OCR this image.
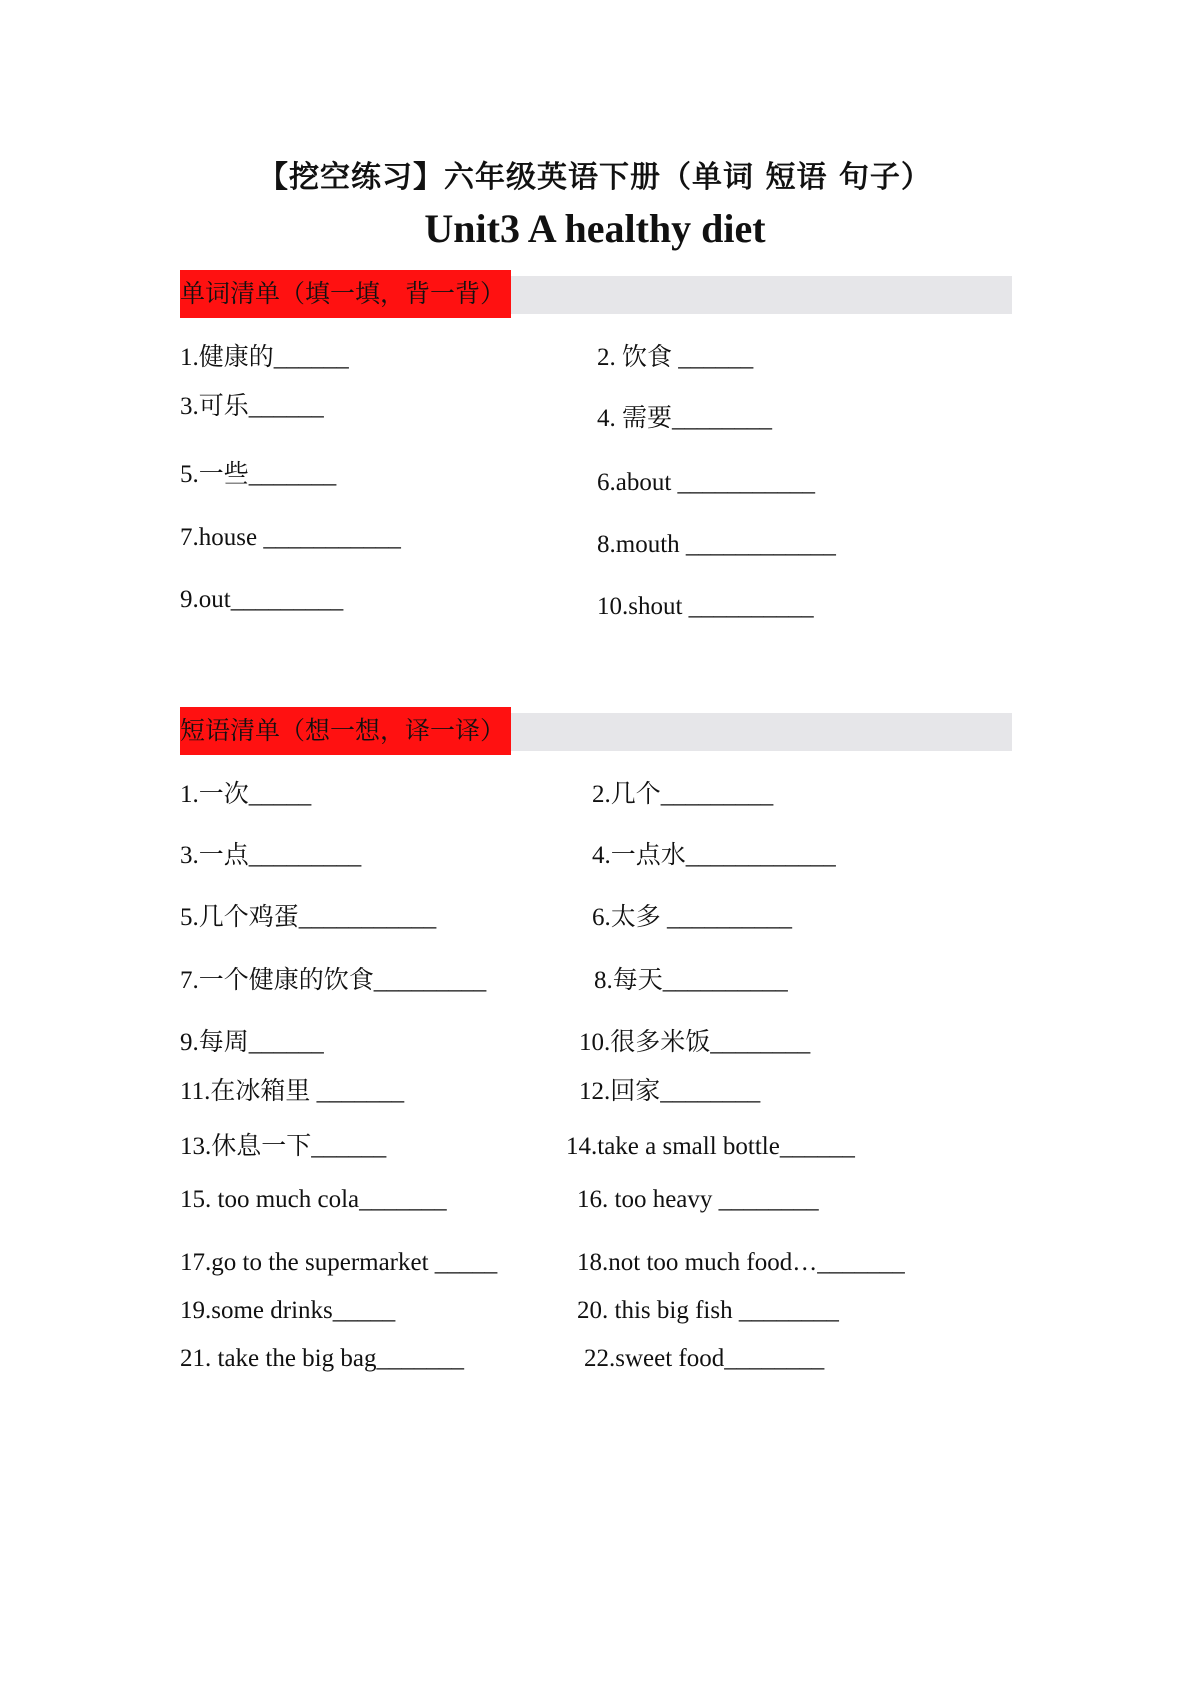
【挖空练习】六年级英语下册（单词 短语 句子）
Unit3 A healthy diet
单词清单（填一填，背一背）
1.健康的______	2. 饮食 ______
3.可乐______	4. 需要________
5.一些_______	6.about ___________
7.house ___________	8.mouth ____________
9.out_________	10.shout __________
短语清单（想一想，译一译）
1.一次_____	2.几个_________
3.一点_________	4.一点水____________
5.几个鸡蛋___________	6.太多 __________
7.一个健康的饮食_________	8.每天__________
9.每周______	10.很多米饭________
11.在冰箱里 _______	12.回家________
13.休息一下______	14.take a small bottle______
15. too much cola_______	16. too heavy ________
17.go to the supermarket _____	18.not too much food…_______
19.some drinks_____	20. this big fish ________
21. take the big bag_______	22.sweet food________
